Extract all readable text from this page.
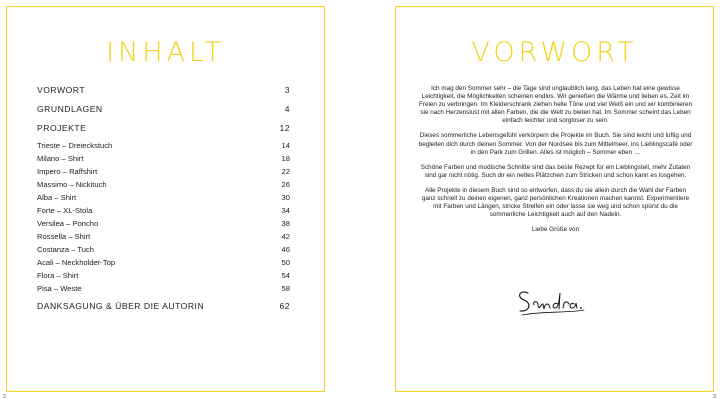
INHALT
VORWORT	3
GRUNDLAGEN	4
PROJEKTE	12
Trieste – Dreieckstuch	14
Milano – Shirt	18
Impero – Raffshirt	22
Massimo – Nickituch	26
Alba – Shirt	30
Forte – XL-Stola	34
Versilea – Poncho	38
Rossella – Shirt	42
Costanza – Tuch	46
Acali – Neckholder-Top	50
Flora – Shirt	54
Pisa – Weste	58
DANKSAGUNG & ÜBER DIE AUTORIN	62
2
VORWORT

Ich mag den Sommer sehr – die Tage sind unglaublich lang, das Leben hat eine gewisse Leichtigkeit, die Möglichkeiten scheinen endlos. Wir genießen die Wärme und lieben es, Zeit im Freien zu verbringen. Im Kleiderschrank ziehen helle Töne und viel Weiß ein und wir kombinieren sie nach Herzenslust mit allen Farben, die die Welt zu bieten hat. Im Sommer scheint das Leben einfach leichter und sorgloser zu sein.

Dieses sommerliche Lebensgefühl verkörpern die Projekte im Buch. Sie sind leicht und luftig und begleiten dich durch deinen Sommer. Von der Nordsee bis zum Mittelmeer, ins Lieblingscafé oder in den Park zum Grillen. Alles ist möglich – Sommer eben …

Schöne Farben und modische Schnitte sind das beste Rezept für ein Lieblingsteil, mehr Zutaten sind gar nicht nötig. Such dir ein nettes Plätzchen zum Stricken und schon kann es losgehen.

Alle Projekte in diesem Buch sind so entworfen, dass du sie allein durch die Wahl der Farben ganz schnell zu deinen eigenen, ganz persönlichen Kreationen machen kannst. Experimentiere mit Farben und Längen, stricke Streifen ein oder lasse sie weg und schon spürst du die sommerliche Leichtigkeit auch auf den Nadeln.

Liebe Grüße von

3
